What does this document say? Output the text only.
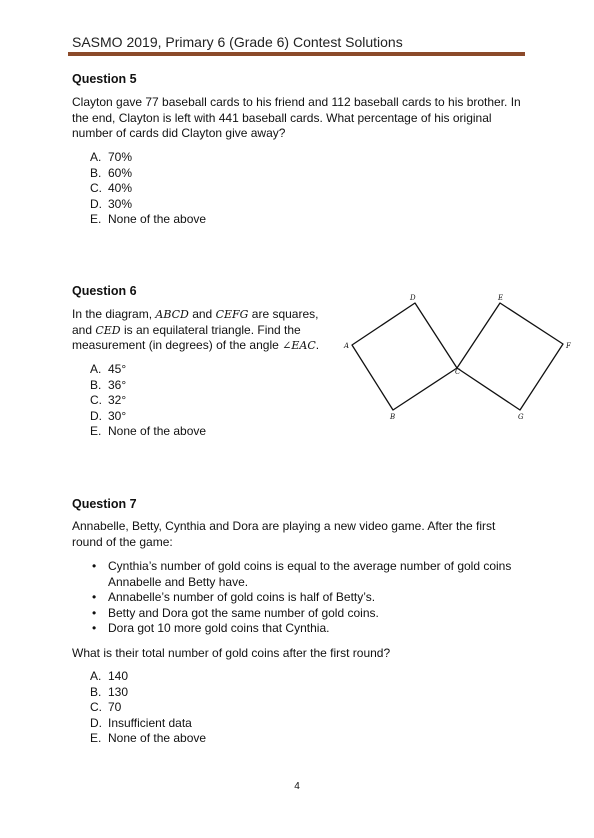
SASMO 2019, Primary 6 (Grade 6) Contest Solutions
Question 5
Clayton gave 77 baseball cards to his friend and 112 baseball cards to his brother. In
the end, Clayton is left with 441 baseball cards. What percentage of his original
number of cards did Clayton give away?
A. 70%
B. 60%
C. 40%
D. 30%
E. None of the above
Question 6
In the diagram, ABCD and CEFG are squares,
and CED is an equilateral triangle. Find the
measurement (in degrees) of the angle ∠EAC.
A. 45°
B. 36°
C. 32°
D. 30°
E. None of the above
A
B
C
D	E
F
G
Question 7
Annabelle, Betty, Cynthia and Dora are playing a new video game. After the first
round of the game:
• Cynthia’s number of gold coins is equal to the average number of gold coins
Annabelle and Betty have.
• Annabelle’s number of gold coins is half of Betty’s.
• Betty and Dora got the same number of gold coins.
• Dora got 10 more gold coins that Cynthia.
What is their total number of gold coins after the first round?
A. 140
B. 130
C. 70
D. Insufficient data
E. None of the above
4
